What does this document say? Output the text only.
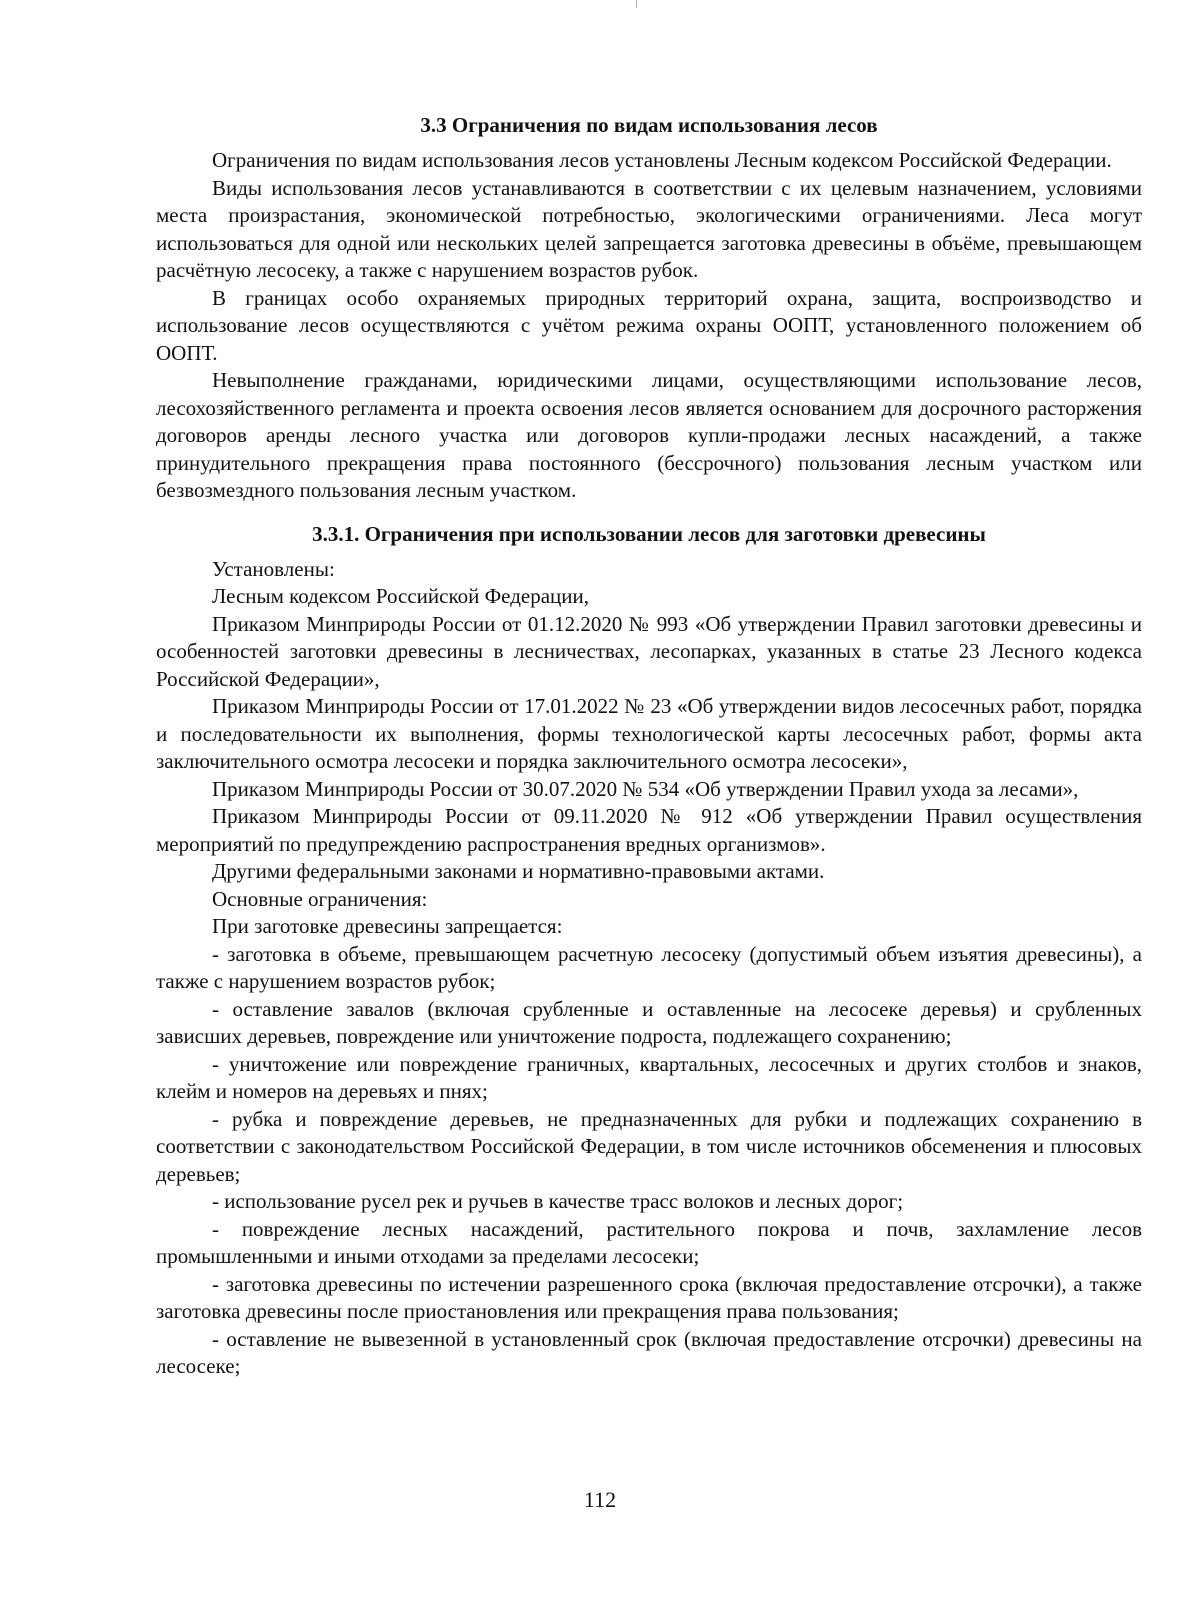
3.3 Ограничения по видам использования лесов

Ограничения по видам использования лесов установлены Лесным кодексом Российской Федерации.

Виды использования лесов устанавливаются в соответствии с их целевым назначением, условиями места произрастания, экономической потребностью, экологическими ограничениями. Леса могут использоваться для одной или нескольких целей запрещается заготовка древесины в объёме, превышающем расчётную лесосеку, а также с нарушением возрастов рубок.

В границах особо охраняемых природных территорий охрана, защита, воспроизводство и использование лесов осуществляются с учётом режима охраны ООПТ, установленного положением об ООПТ.

Невыполнение гражданами, юридическими лицами, осуществляющими использование лесов, лесохозяйственного регламента и проекта освоения лесов является основанием для досрочного расторжения договоров аренды лесного участка или договоров купли-продажи лесных насаждений, а также принудительного прекращения права постоянного (бессрочного) пользования лесным участком или безвозмездного пользования лесным участком.

3.3.1. Ограничения при использовании лесов для заготовки древесины

Установлены:

Лесным кодексом Российской Федерации,

Приказом Минприроды России от 01.12.2020 № 993 «Об утверждении Правил заготовки древесины и особенностей заготовки древесины в лесничествах, лесопарках, указанных в статье 23 Лесного кодекса Российской Федерации»,

Приказом Минприроды России от 17.01.2022 № 23 «Об утверждении видов лесосечных работ, порядка и последовательности их выполнения, формы технологической карты лесосечных работ, формы акта заключительного осмотра лесосеки и порядка заключительного осмотра лесосеки»,

Приказом Минприроды России от 30.07.2020 № 534 «Об утверждении Правил ухода за лесами»,

Приказом Минприроды России от 09.11.2020 № 912 «Об утверждении Правил осуществления мероприятий по предупреждению распространения вредных организмов».

Другими федеральными законами и нормативно-правовыми актами.

Основные ограничения:

При заготовке древесины запрещается:

- заготовка в объеме, превышающем расчетную лесосеку (допустимый объем изъятия древесины), а также с нарушением возрастов рубок;

- оставление завалов (включая срубленные и оставленные на лесосеке деревья) и срубленных зависших деревьев, повреждение или уничтожение подроста, подлежащего сохранению;

- уничтожение или повреждение граничных, квартальных, лесосечных и других столбов и знаков, клейм и номеров на деревьях и пнях;

- рубка и повреждение деревьев, не предназначенных для рубки и подлежащих сохранению в соответствии с законодательством Российской Федерации, в том числе источников обсеменения и плюсовых деревьев;

- использование русел рек и ручьев в качестве трасс волоков и лесных дорог;

- повреждение лесных насаждений, растительного покрова и почв, захламление лесов промышленными и иными отходами за пределами лесосеки;

- заготовка древесины по истечении разрешенного срока (включая предоставление отсрочки), а также заготовка древесины после приостановления или прекращения права пользования;

- оставление не вывезенной в установленный срок (включая предоставление отсрочки) древесины на лесосеке;

112
